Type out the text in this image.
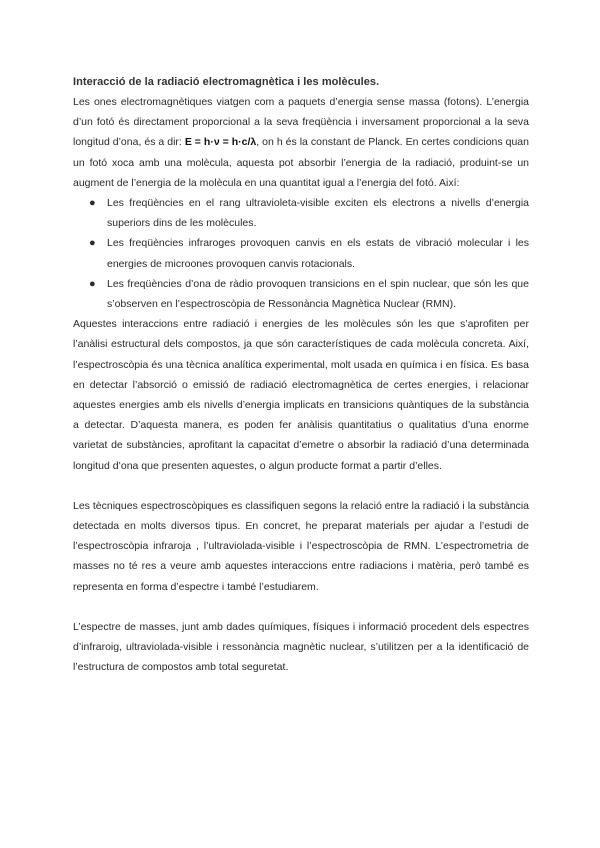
Interacció de la radiació electromagnètica i les molècules.

Les ones electromagnètiques viatgen com a paquets d’energia sense massa (fotons). L’energia d’un fotó és directament proporcional a la seva freqüència i inversament proporcional a la seva longitud d’ona, és a dir: E = h·ν = h·c/λ, on h és la constant de Planck. En certes condicions quan un fotó xoca amb una molècula, aquesta pot absorbir l’energia de la radiació, produint-se un augment de l’energia de la molècula en una quantitat igual a l’energia del fotó. Així:

● Les freqüències en el rang ultravioleta-visible exciten els electrons a nivells d’energia superiors dins de les molècules.
● Les freqüències infraroges provoquen canvis en els estats de vibració molecular i les energies de microones provoquen canvis rotacionals.
● Les freqüències d’ona de ràdio provoquen transicions en el spin nuclear, que són les que s’observen en l’espectroscòpia de Ressonància Magnètica Nuclear (RMN).

Aquestes interaccions entre radiació i energies de les molècules són les que s’aprofiten per l’anàlisi estructural dels compostos, ja que són característiques de cada molècula concreta. Així, l’espectroscòpia és una tècnica analítica experimental, molt usada en química i en física. Es basa en detectar l’absorció o emissió de radiació electromagnètica de certes energies, i relacionar aquestes energies amb els nivells d’energia implicats en transicions quàntiques de la substància a detectar. D’aquesta manera, es poden fer anàlisis quantitatius o qualitatius d’una enorme varietat de substàncies, aprofitant la capacitat d’emetre o absorbir la radiació d’una determinada longitud d’ona que presenten aquestes, o algun producte format a partir d’elles.

Les tècniques espectroscòpiques es classifiquen segons la relació entre la radiació i la substància detectada en molts diversos tipus. En concret, he preparat materials per ajudar a l’estudi de l’espectroscòpia infraroja , l’ultraviolada-visible i l’espectroscòpia de RMN. L’espectrometria de masses no té res a veure amb aquestes interaccions entre radiacions i matèria, però també es representa en forma d’espectre i també l’estudiarem.

L’espectre de masses, junt amb dades químiques, físiques i informació procedent dels espectres d’infraroig, ultraviolada-visible i ressonància magnètic nuclear, s’utilitzen per a la identificació de l’estructura de compostos amb total seguretat.
